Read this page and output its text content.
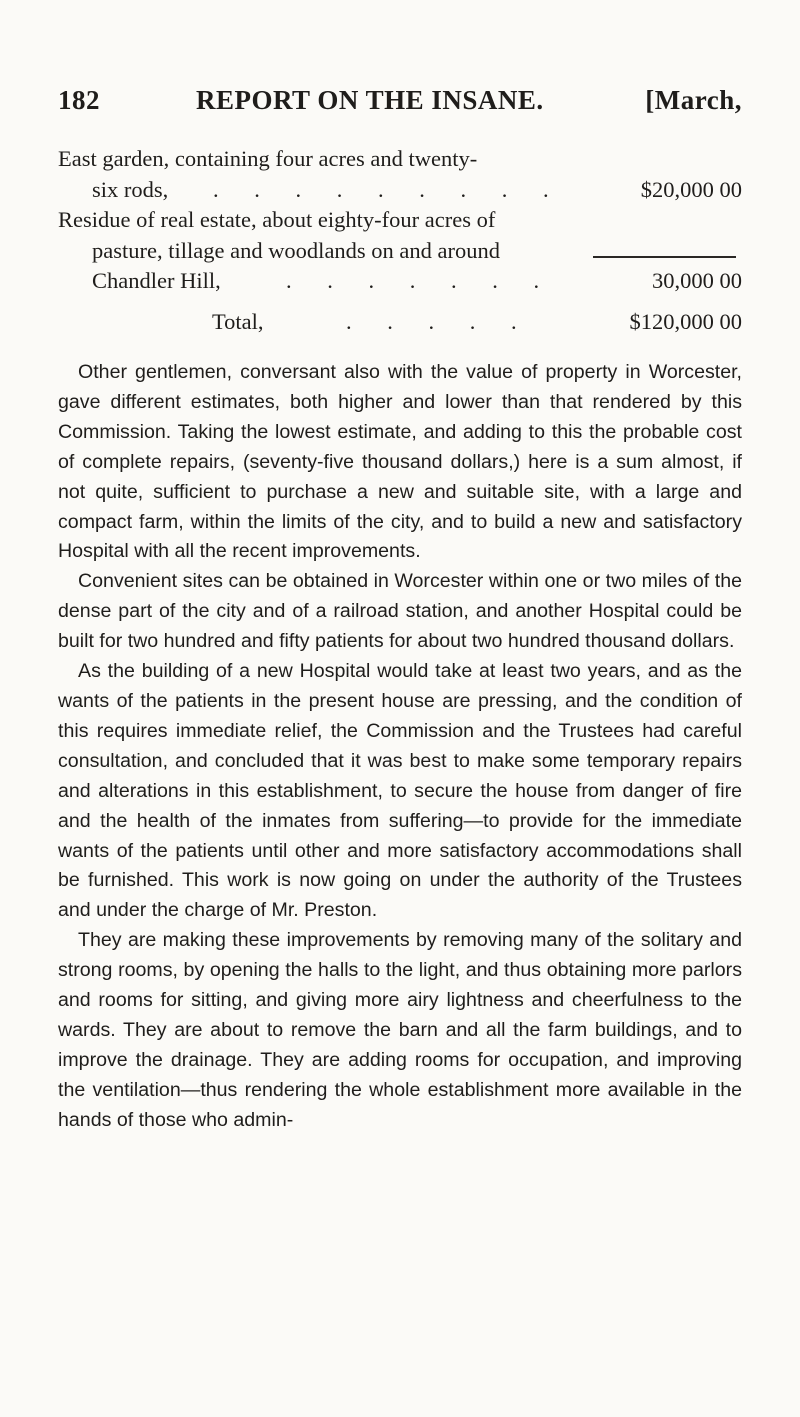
182	REPORT ON THE INSANE.	[March,
East garden, containing four acres and twenty-
six rods, . . . . . . . . .	$20,000 00
Residue of real estate, about eighty-four acres of
pasture, tillage and woodlands on and around
Chandler Hill,	. . . . . . .	30,000 00
Total,	. . . . .	$120,000 00

Other gentlemen, conversant also with the value of property in Worcester, gave different estimates, both higher and lower than that rendered by this Commission. Taking the lowest estimate, and adding to this the probable cost of complete repairs, (seventy-five thousand dollars,) here is a sum almost, if not quite, sufficient to purchase a new and suitable site, with a large and compact farm, within the limits of the city, and to build a new and satisfactory Hospital with all the recent improvements.

Convenient sites can be obtained in Worcester within one or two miles of the dense part of the city and of a railroad station, and another Hospital could be built for two hundred and fifty patients for about two hundred thousand dollars.

As the building of a new Hospital would take at least two years, and as the wants of the patients in the present house are pressing, and the condition of this requires immediate relief, the Commission and the Trustees had careful consultation, and concluded that it was best to make some temporary repairs and alterations in this establishment, to secure the house from danger of fire and the health of the inmates from suffering—to provide for the immediate wants of the patients until other and more satisfactory accommodations shall be furnished. This work is now going on under the authority of the Trustees and under the charge of Mr. Preston.

They are making these improvements by removing many of the solitary and strong rooms, by opening the halls to the light, and thus obtaining more parlors and rooms for sitting, and giving more airy lightness and cheerfulness to the wards. They are about to remove the barn and all the farm buildings, and to improve the drainage. They are adding rooms for occupation, and improving the ventilation—thus rendering the whole establishment more available in the hands of those who admin-
